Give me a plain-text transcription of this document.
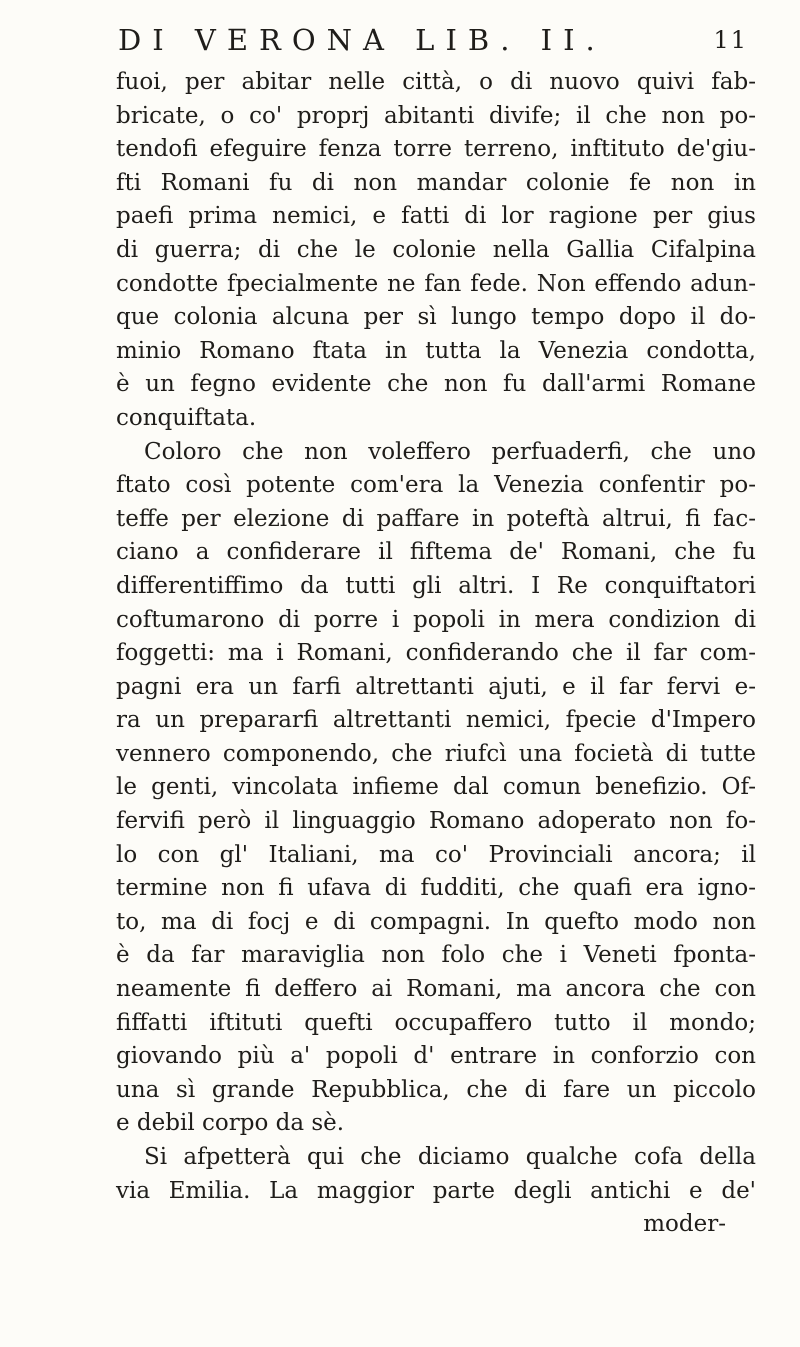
DI VERONA LIB. II.	11
fuoi, per abitar nelle città, o di nuovo quivi fab-
bricate, o co' proprj abitanti divife; il che non po-
tendofi efeguire fenza torre terreno, inftituto de'giu-
fti Romani fu di non mandar colonie fe non in
paefi prima nemici, e fatti di lor ragione per gius
di guerra; di che le colonie nella Gallia Cifalpina
condotte fpecialmente ne fan fede. Non effendo adun-
que colonia alcuna per sì lungo tempo dopo il do-
minio Romano ftata in tutta la Venezia condotta,
è un fegno evidente che non fu dall'armi Romane
conquiftata.
Coloro che non voleffero perfuaderfi, che uno
ftato così potente com'era la Venezia confentir po-
teffe per elezione di paffare in poteftà altrui, fi fac-
ciano a confiderare il fiftema de' Romani, che fu
differentiffimo da tutti gli altri. I Re conquiftatori
coftumarono di porre i popoli in mera condizion di
foggetti: ma i Romani, confiderando che il far com-
pagni era un farfi altrettanti ajuti, e il far fervi e-
ra un prepararfi altrettanti nemici, fpecie d'Impero
vennero componendo, che riufcì una focietà di tutte
le genti, vincolata infieme dal comun benefizio. Of-
fervifi però il linguaggio Romano adoperato non fo-
lo con gl' Italiani, ma co' Provinciali ancora; il
termine non fi ufava di fudditi, che quafi era igno-
to, ma di focj e di compagni. In quefto modo non
è da far maraviglia non folo che i Veneti fponta-
neamente fi deffero ai Romani, ma ancora che con
fiffatti iftituti quefti occupaffero tutto il mondo;
giovando più a' popoli d' entrare in conforzio con
una sì grande Repubblica, che di fare un piccolo
e debil corpo da sè.
Si afpetterà qui che diciamo qualche cofa della
via Emilia. La maggior parte degli antichi e de'
moder-
